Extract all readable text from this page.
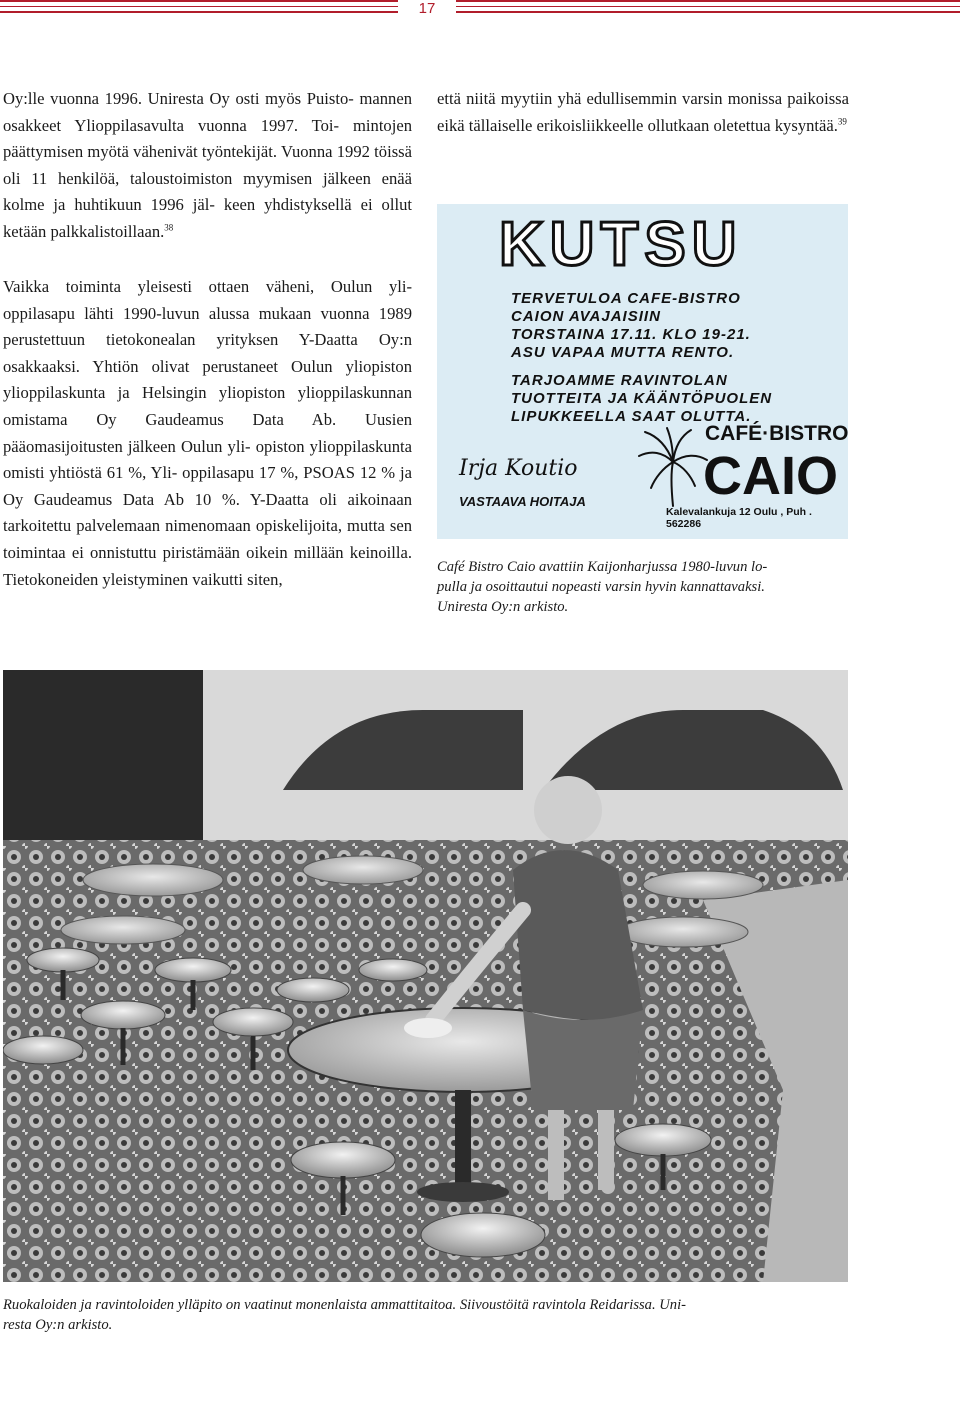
17

Oy:lle vuonna 1996. Uniresta Oy osti myös Puisto- mannen osakkeet Ylioppilasavulta vuonna 1997. Toi- mintojen päättymisen myötä vähenivät työntekijät. Vuonna 1992 töissä oli 11 henkilöä, taloustoimiston myymisen jälkeen enää kolme ja huhtikuun 1996 jäl- keen yhdistyksellä ei ollut ketään palkkalistoillaan.$^{38}$

Vaikka toiminta yleisesti ottaen väheni, Oulun yli- oppilasapu lähti 1990-luvun alussa mukaan vuonna 1989 perustettuun tietokonealan yrityksen Y-Daatta Oy:n osakkaaksi. Yhtiön olivat perustaneet Oulun yliopiston ylioppilaskunta ja Helsingin yliopiston ylioppilaskunnan omistama Oy Gaudeamus Data Ab. Uusien pääomasijoitusten jälkeen Oulun yli- opiston ylioppilaskunta omisti yhtiöstä 61 %, Yli- oppilasapu 17 %, PSOAS 12 % ja Oy Gaudeamus Data Ab 10 %. Y-Daatta oli aikoinaan tarkoitettu palvelemaan nimenomaan opiskelijoita, mutta sen toimintaa ei onnistuttu piristämään oikein millään keinoilla. Tietokoneiden yleistyminen vaikutti siten,

että niitä myytiin yhä edullisemmin varsin monissa paikoissa eikä tällaiselle erikoisliikkeelle ollutkaan oletettua kysyntää.$^{39}$

KUTSU
TERVETULOA CAFE-BISTRO
CAION AVAJAISIIN
TORSTAINA 17.11. KLO 19-21.
ASU VAPAA MUTTA RENTO.
TARJOAMME RAVINTOLAN
TUOTTEITA JA KÄÄNTÖPUOLEN
LIPUKKEELLA SAAT OLUTTA.
Irja Koutio
VASTAAVA HOITAJA
CAFÉ·BISTRO
CAIO
Kalevalankuja 12 Oulu , Puh . 562286

Café Bistro Caio avattiin Kaijonharjussa 1980-luvun lo-
pulla ja osoittautui nopeasti varsin hyvin kannattavaksi.
Uniresta Oy:n arkisto.

Ruokaloiden ja ravintoloiden ylläpito on vaatinut monenlaista ammattitaitoa. Siivoustöitä ravintola Reidarissa. Uni-
resta Oy:n arkisto.
